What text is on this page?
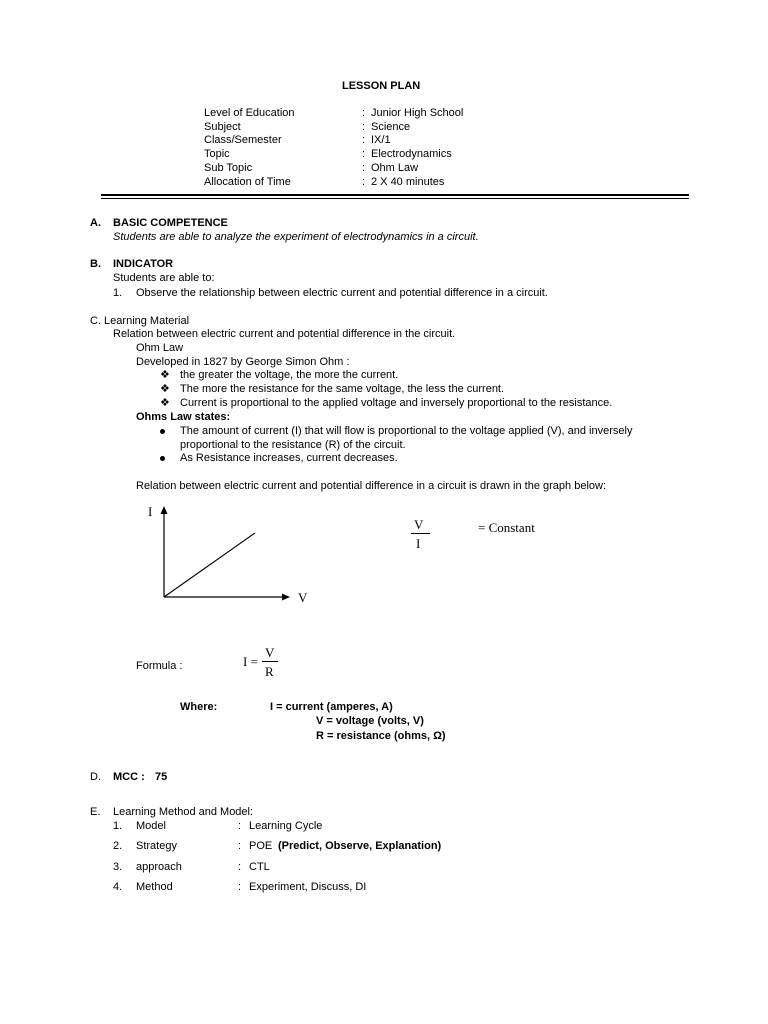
LESSON PLAN
Level of Education	: Junior High School
Subject	: Science
Class/Semester	: IX/1
Topic	: Electrodynamics
Sub Topic	: Ohm Law
Allocation of Time	: 2 X 40 minutes
A. BASIC COMPETENCE
Students are able to analyze the experiment of electrodynamics in a circuit.
B. INDICATOR
Students are able to:
1. Observe the relationship between electric current and potential difference in a circuit.
C. Learning Material
Relation between electric current and potential difference in the circuit.
Ohm Law
Developed in 1827 by George Simon Ohm :
❖ the greater the voltage, the more the current.
❖ The more the resistance for the same voltage, the less the current.
❖ Current is proportional to the applied voltage and inversely proportional to the resistance.
Ohms Law states:
The amount of current (I) that will flow is proportional to the voltage applied (V), and inversely
proportional to the resistance (R) of the circuit.
As Resistance increases, current decreases.
Relation between electric current and potential difference in a circuit is drawn in the graph below:
I
V
V
I
= Constant
Formula :	I =
V
R
Where:	I = current (amperes, A)
V = voltage (volts, V)
R = resistance (ohms, Ω)
D. MCC : 75
E. Learning Method and Model:
1. Model	: Learning Cycle
2. Strategy	: POE (Predict, Observe, Explanation)
3. approach	: CTL
4. Method	: Experiment, Discuss, DI
